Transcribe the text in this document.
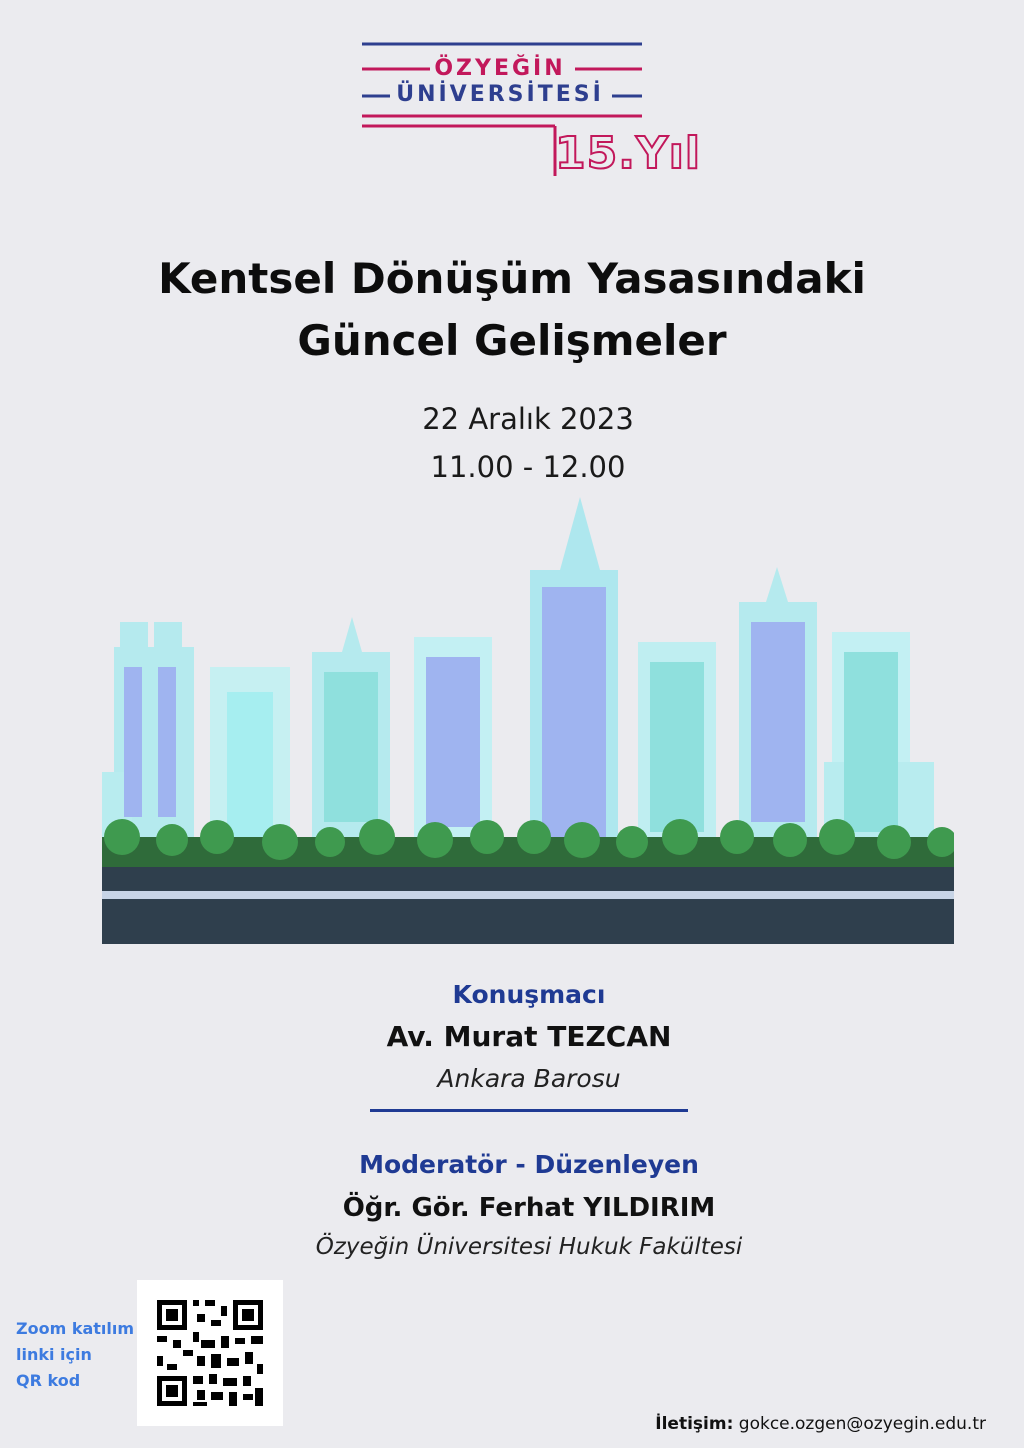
ÖZYEĞİN
ÜNİVERSİTESİ
15.Yıl
Kentsel Dönüşüm Yasasındaki
Güncel Gelişmeler
22 Aralık 2023
11.00 - 12.00
Konuşmacı
Av. Murat TEZCAN
Ankara Barosu
Moderatör - Düzenleyen
Öğr. Gör. Ferhat YILDIRIM
Özyeğin Üniversitesi Hukuk Fakültesi
Zoom katılım
linki için
QR kod
İletişim: gokce.ozgen@ozyegin.edu.tr
